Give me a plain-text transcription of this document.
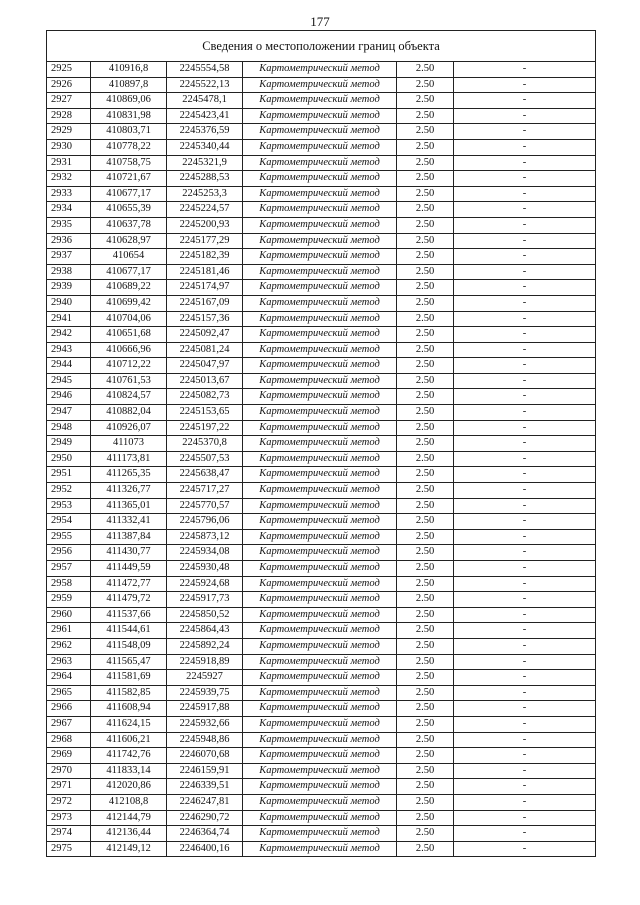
177
Сведения о местоположении границ объекта					
2925	410916,8	2245554,58	Картометрический метод	2.50	-
2926	410897,8	2245522,13	Картометрический метод	2.50	-
2927	410869,06	2245478,1	Картометрический метод	2.50	-
2928	410831,98	2245423,41	Картометрический метод	2.50	-
2929	410803,71	2245376,59	Картометрический метод	2.50	-
2930	410778,22	2245340,44	Картометрический метод	2.50	-
2931	410758,75	2245321,9	Картометрический метод	2.50	-
2932	410721,67	2245288,53	Картометрический метод	2.50	-
2933	410677,17	2245253,3	Картометрический метод	2.50	-
2934	410655,39	2245224,57	Картометрический метод	2.50	-
2935	410637,78	2245200,93	Картометрический метод	2.50	-
2936	410628,97	2245177,29	Картометрический метод	2.50	-
2937	410654	2245182,39	Картометрический метод	2.50	-
2938	410677,17	2245181,46	Картометрический метод	2.50	-
2939	410689,22	2245174,97	Картометрический метод	2.50	-
2940	410699,42	2245167,09	Картометрический метод	2.50	-
2941	410704,06	2245157,36	Картометрический метод	2.50	-
2942	410651,68	2245092,47	Картометрический метод	2.50	-
2943	410666,96	2245081,24	Картометрический метод	2.50	-
2944	410712,22	2245047,97	Картометрический метод	2.50	-
2945	410761,53	2245013,67	Картометрический метод	2.50	-
2946	410824,57	2245082,73	Картометрический метод	2.50	-
2947	410882,04	2245153,65	Картометрический метод	2.50	-
2948	410926,07	2245197,22	Картометрический метод	2.50	-
2949	411073	2245370,8	Картометрический метод	2.50	-
2950	411173,81	2245507,53	Картометрический метод	2.50	-
2951	411265,35	2245638,47	Картометрический метод	2.50	-
2952	411326,77	2245717,27	Картометрический метод	2.50	-
2953	411365,01	2245770,57	Картометрический метод	2.50	-
2954	411332,41	2245796,06	Картометрический метод	2.50	-
2955	411387,84	2245873,12	Картометрический метод	2.50	-
2956	411430,77	2245934,08	Картометрический метод	2.50	-
2957	411449,59	2245930,48	Картометрический метод	2.50	-
2958	411472,77	2245924,68	Картометрический метод	2.50	-
2959	411479,72	2245917,73	Картометрический метод	2.50	-
2960	411537,66	2245850,52	Картометрический метод	2.50	-
2961	411544,61	2245864,43	Картометрический метод	2.50	-
2962	411548,09	2245892,24	Картометрический метод	2.50	-
2963	411565,47	2245918,89	Картометрический метод	2.50	-
2964	411581,69	2245927	Картометрический метод	2.50	-
2965	411582,85	2245939,75	Картометрический метод	2.50	-
2966	411608,94	2245917,88	Картометрический метод	2.50	-
2967	411624,15	2245932,66	Картометрический метод	2.50	-
2968	411606,21	2245948,86	Картометрический метод	2.50	-
2969	411742,76	2246070,68	Картометрический метод	2.50	-
2970	411833,14	2246159,91	Картометрический метод	2.50	-
2971	412020,86	2246339,51	Картометрический метод	2.50	-
2972	412108,8	2246247,81	Картометрический метод	2.50	-
2973	412144,79	2246290,72	Картометрический метод	2.50	-
2974	412136,44	2246364,74	Картометрический метод	2.50	-
2975	412149,12	2246400,16	Картометрический метод	2.50	-
